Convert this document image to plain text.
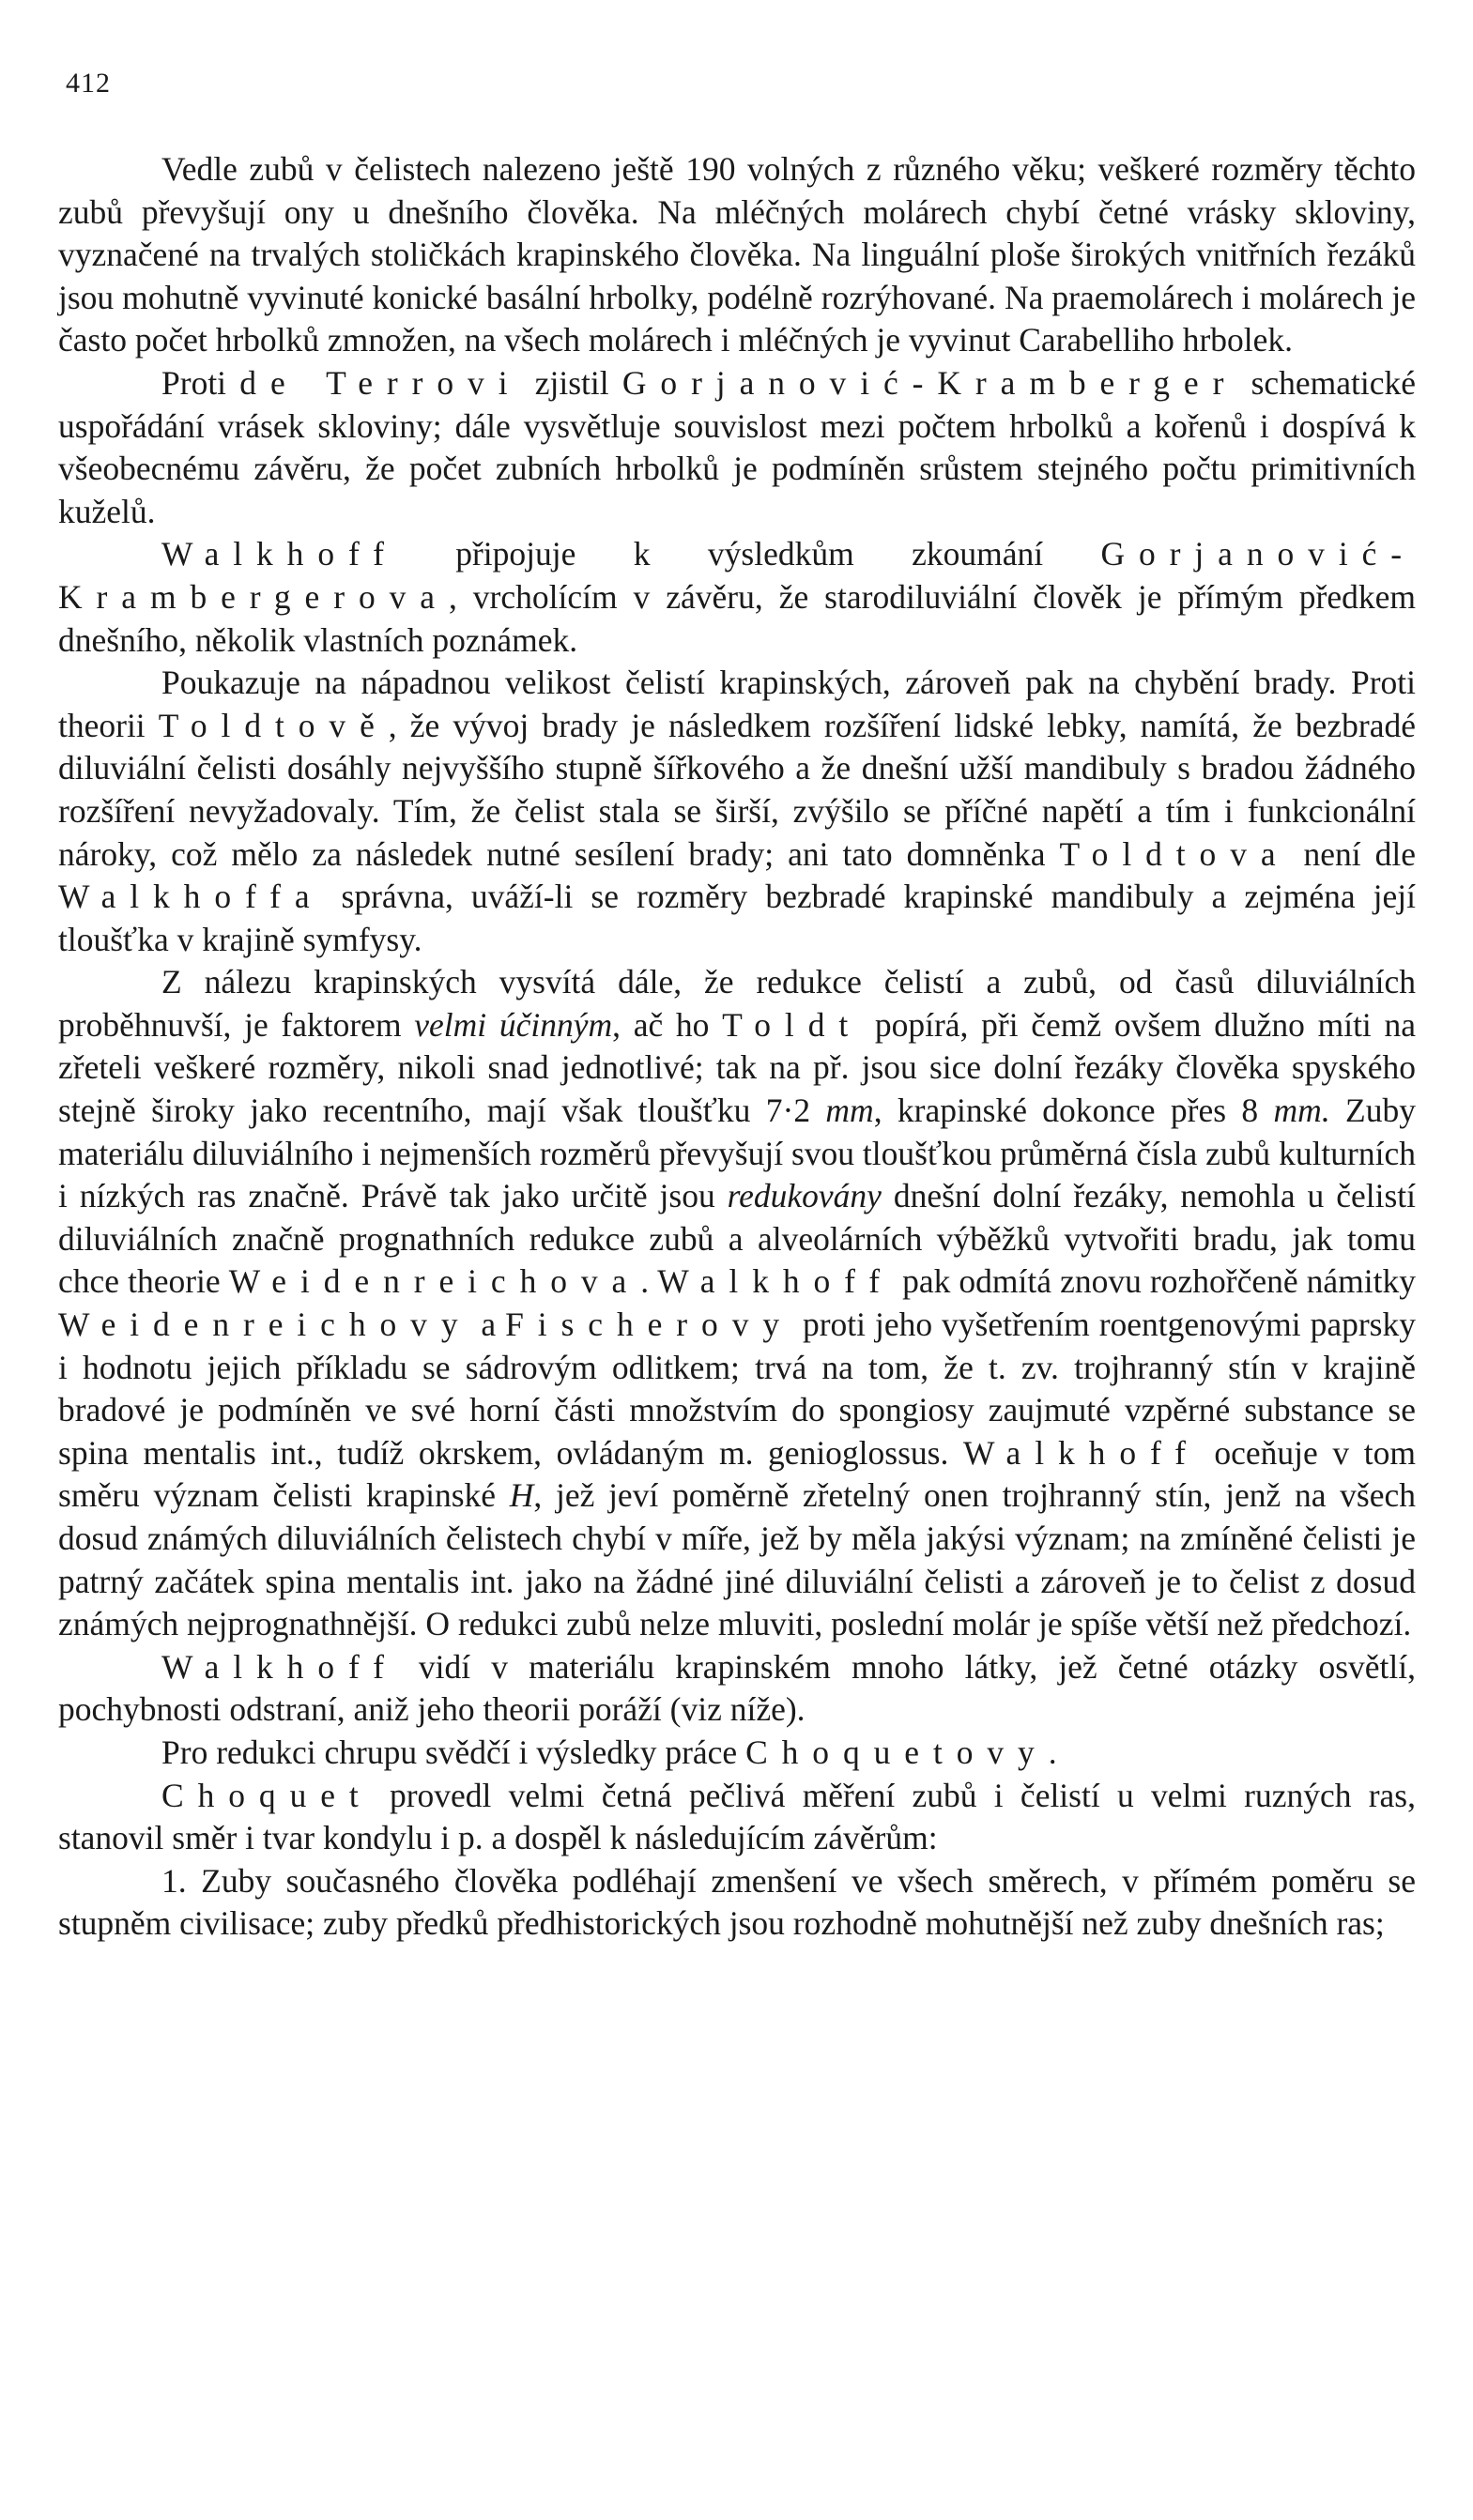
412

Vedle zubů v čelistech nalezeno ještě 190 volných z různého věku; veškeré rozměry těchto zubů převyšují ony u dnešního člověka. Na mléčných molárech chybí četné vrásky skloviny, vyznačené na trvalých stoličkách krapinského člověka. Na linguální ploše širokých vnitřních řezáků jsou mohutně vyvinuté konické basální hrbolky, podélně rozrýhované. Na praemolárech i molárech je často počet hrbolků zmnožen, na všech molárech i mléčných je vyvinut Carabelliho hrbolek.

Proti de Terrovi zjistil Gorjanović-Kramberger schematické uspořádání vrásek skloviny; dále vysvětluje souvislost mezi počtem hrbolků a kořenů i dospívá k všeobecnému závěru, že počet zubních hrbolků je podmíněn srůstem stejného počtu primitivních kuželů.

Walkhoff připojuje k výsledkům zkoumání Gorjanović-Krambergerova, vrcholícím v závěru, že starodiluviální člověk je přímým předkem dnešního, několik vlastních poznámek.

Poukazuje na nápadnou velikost čelistí krapinských, zároveň pak na chybění brady. Proti theorii Toldtově, že vývoj brady je následkem rozšíření lidské lebky, namítá, že bezbradé diluviální čelisti dosáhly nejvyššího stupně šířkového a že dnešní užší mandibuly s bradou žádného rozšíření nevyžadovaly. Tím, že čelist stala se širší, zvýšilo se příčné napětí a tím i funkcionální nároky, což mělo za následek nutné sesílení brady; ani tato domněnka Toldtova není dle Walkhoffa správna, uváží-li se rozměry bezbradé krapinské mandibuly a zejména její tloušťka v krajině symfysy.

Z nálezu krapinských vysvítá dále, že redukce čelistí a zubů, od časů diluviálních proběhnuvší, je faktorem velmi účinným, ač ho Toldt popírá, při čemž ovšem dlužno míti na zřeteli veškeré rozměry, nikoli snad jednotlivé; tak na př. jsou sice dolní řezáky člověka spyského stejně široky jako recentního, mají však tloušťku 7·2 mm, krapinské dokonce přes 8 mm. Zuby materiálu diluviálního i nejmenších rozměrů převyšují svou tloušťkou průměrná čísla zubů kulturních i nízkých ras značně. Právě tak jako určitě jsou redukovány dnešní dolní řezáky, nemohla u čelistí diluviálních značně prognathních redukce zubů a alveolárních výběžků vytvořiti bradu, jak tomu chce theorie Weidenreichova. Walkhoff pak odmítá znovu rozhořčeně námitky Weidenreichovy a Fischerovy proti jeho vyšetřením roentgenovými paprsky i hodnotu jejich příkladu se sádrovým odlitkem; trvá na tom, že t. zv. trojhranný stín v krajině bradové je podmíněn ve své horní části množstvím do spongiosy zaujmuté vzpěrné substance se spina mentalis int., tudíž okrskem, ovládaným m. genioglossus. Walkhoff oceňuje v tom směru význam čelisti krapinské H, jež jeví poměrně zřetelný onen trojhranný stín, jenž na všech dosud známých diluviálních čelistech chybí v míře, jež by měla jakýsi význam; na zmíněné čelisti je patrný začátek spina mentalis int. jako na žádné jiné diluviální čelisti a zároveň je to čelist z dosud známých nejprognathnější. O redukci zubů nelze mluviti, poslední molár je spíše větší než předchozí.

Walkhoff vidí v materiálu krapinském mnoho látky, jež četné otázky osvětlí, pochybnosti odstraní, aniž jeho theorii poráží (viz níže).

Pro redukci chrupu svědčí i výsledky práce Choquetovy.

Choquet provedl velmi četná pečlivá měření zubů i čelistí u velmi ruzných ras, stanovil směr i tvar kondylu i p. a dospěl k následujícím závěrům:

1. Zuby současného člověka podléhají zmenšení ve všech směrech, v přímém poměru se stupněm civilisace; zuby předků předhistorických jsou rozhodně mohutnější než zuby dnešních ras;
